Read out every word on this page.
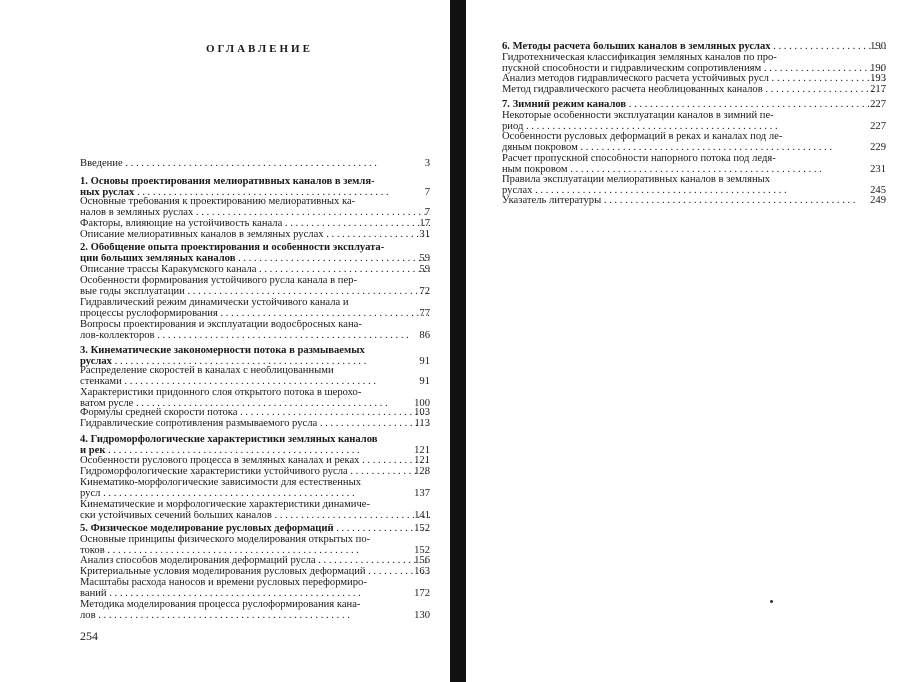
ОГЛАВЛЕНИЕ
Введение . . .	3
1. Основы проектирования мелиоративных каналов в земля-
ных руслах . . .	7
Основные требования к проектированию мелиоративных ка-
налов в земляных руслах . . .	7
Факторы, влияющие на устойчивость канала . . .	17
Описание мелиоративных каналов в земляных руслах . . .	31
2. Обобщение опыта проектирования и особенности эксплуата-
ции больших земляных каналов . . .	59
Описание трассы Каракумского канала . . .	59
Особенности формирования устойчивого русла канала в пер-
вые годы эксплуатации . . .	72
Гидравлический режим динамически устойчивого канала и
процессы руслоформирования . . .	77
Вопросы проектирования и эксплуатации водосбросных кана-
лов-коллекторов . . .	86
3. Кинематические закономерности потока в размываемых
руслах . . .	91
Распределение скоростей в каналах с необлицованными
стенками . . .	91
Характеристики придонного слоя открытого потока в шерохо-
ватом русле . . .	100
Формулы средней скорости потока . . .	103
Гидравлические сопротивления размываемого русла . . .	113
4. Гидроморфологические характеристики земляных каналов
и рек . . .	121
Особенности руслового процесса в земляных каналах и реках . . .	121
Гидроморфологические характеристики устойчивого русла . . .	128
Кинематико-морфологические зависимости для естественных
русл . . .	137
Кинематические и морфологические характеристики динамиче-
ски устойчивых сечений больших каналов . . .	141
5. Физическое моделирование русловых деформаций . . .	152
Основные принципы физического моделирования открытых по-
токов . . .	152
Анализ способов моделирования деформаций русла . . .	156
Критериальные условия моделирования русловых деформаций . . .	163
Масштабы расхода наносов и времени русловых переформиро-
ваний . . .	172
Методика моделирования процесса руслоформирования кана-
лов . . .	130

254

6. Методы расчета больших каналов в земляных руслах . . .	190
Гидротехническая классификация земляных каналов по про-
пускной способности и гидравлическим сопротивлениям . . .	190
Анализ методов гидравлического расчета устойчивых русл . . .	193
Метод гидравлического расчета необлицованных каналов . . .	217
7. Зимний режим каналов . . .	227
Некоторые особенности эксплуатации каналов в зимний пе-
риод . . .	227
Особенности русловых деформаций в реках и каналах под ле-
дяным покровом . . .	229
Расчет пропускной способности напорного потока под ледя-
ным покровом . . .	231
Правила эксплуатации мелиоративных каналов в земляных
руслах . . .	245
Указатель литературы . . .	249
